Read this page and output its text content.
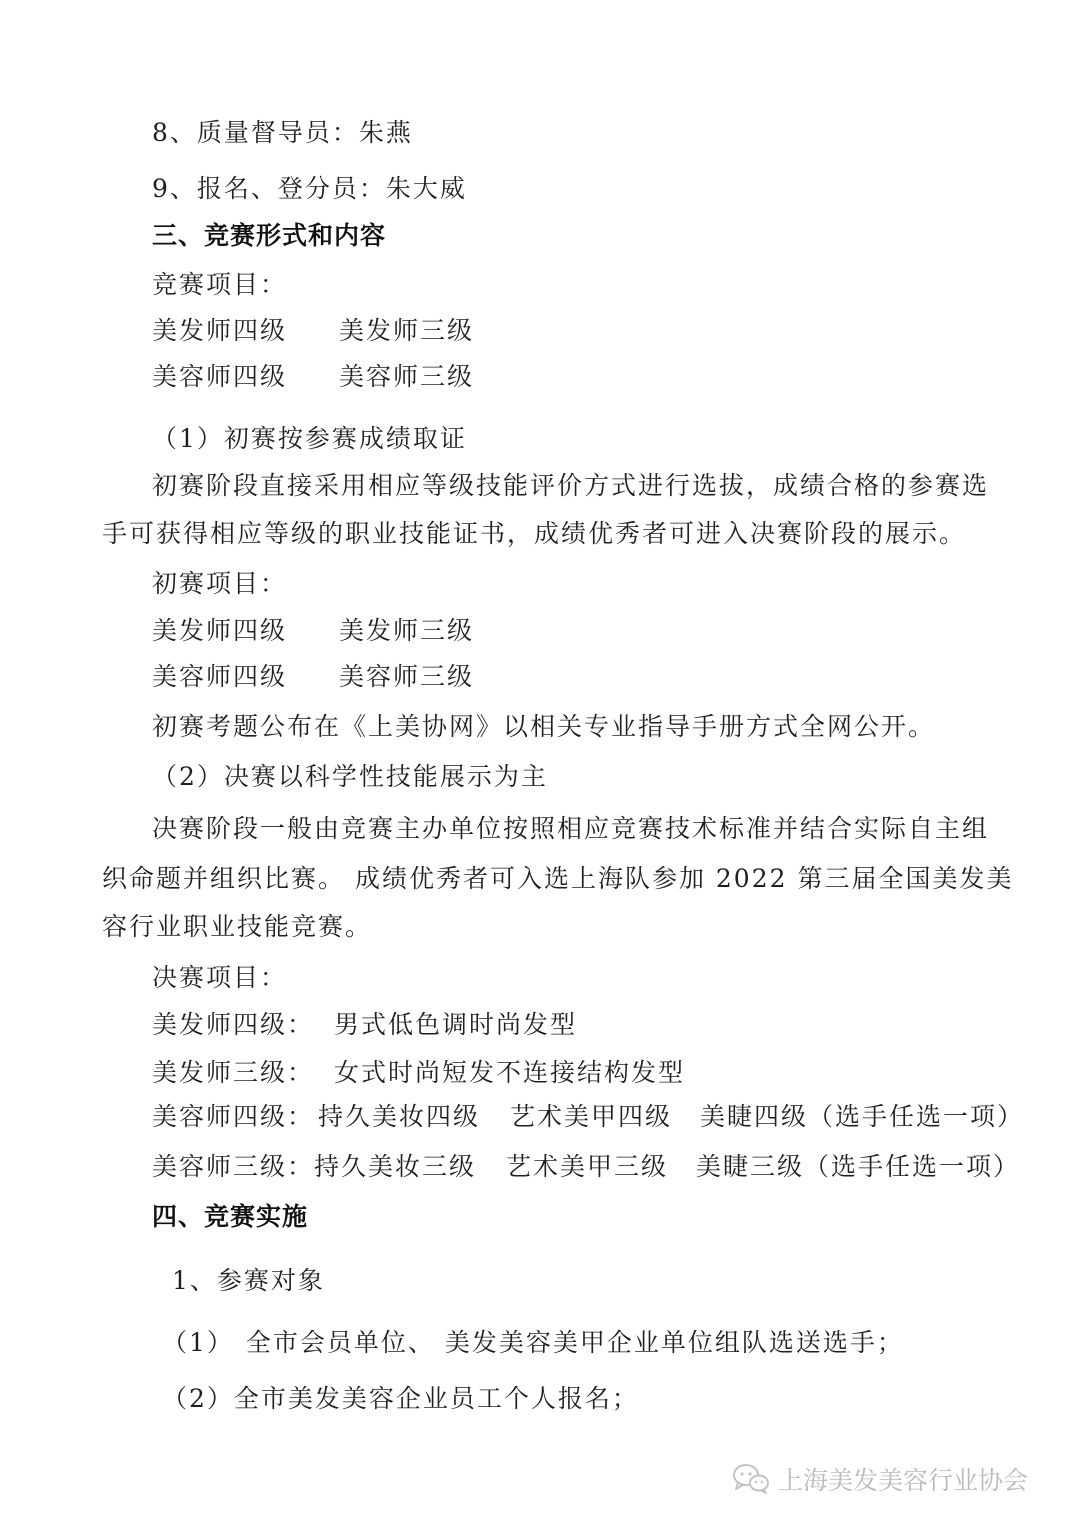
8、质量督导员：朱燕
9、报名、登分员：朱大威
三、竞赛形式和内容
竞赛项目：
美发师四级 美发师三级
美容师四级 美容师三级
（1）初赛按参赛成绩取证
初赛阶段直接采用相应等级技能评价方式进行选拔，成绩合格的参赛选
手可获得相应等级的职业技能证书，成绩优秀者可进入决赛阶段的展示。
初赛项目：
美发师四级 美发师三级
美容师四级 美容师三级
初赛考题公布在《上美协网》以相关专业指导手册方式全网公开。
（2）决赛以科学性技能展示为主
决赛阶段一般由竞赛主办单位按照相应竞赛技术标准并结合实际自主组
织命题并组织比赛。 成绩优秀者可入选上海队参加 2022 第三届全国美发美
容行业职业技能竞赛。
决赛项目：
美发师四级： 男式低色调时尚发型
美发师三级： 女式时尚短发不连接结构发型
美容师四级： 持久美妆四级 艺术美甲四级 美睫四级（选手任选一项）
美容师三级：持久美妆三级 艺术美甲三级 美睫三级（选手任选一项）
四、竞赛实施
1、参赛对象
（1） 全市会员单位、 美发美容美甲企业单位组队选送选手；
（2）全市美发美容企业员工个人报名；
上海美发美容行业协会
